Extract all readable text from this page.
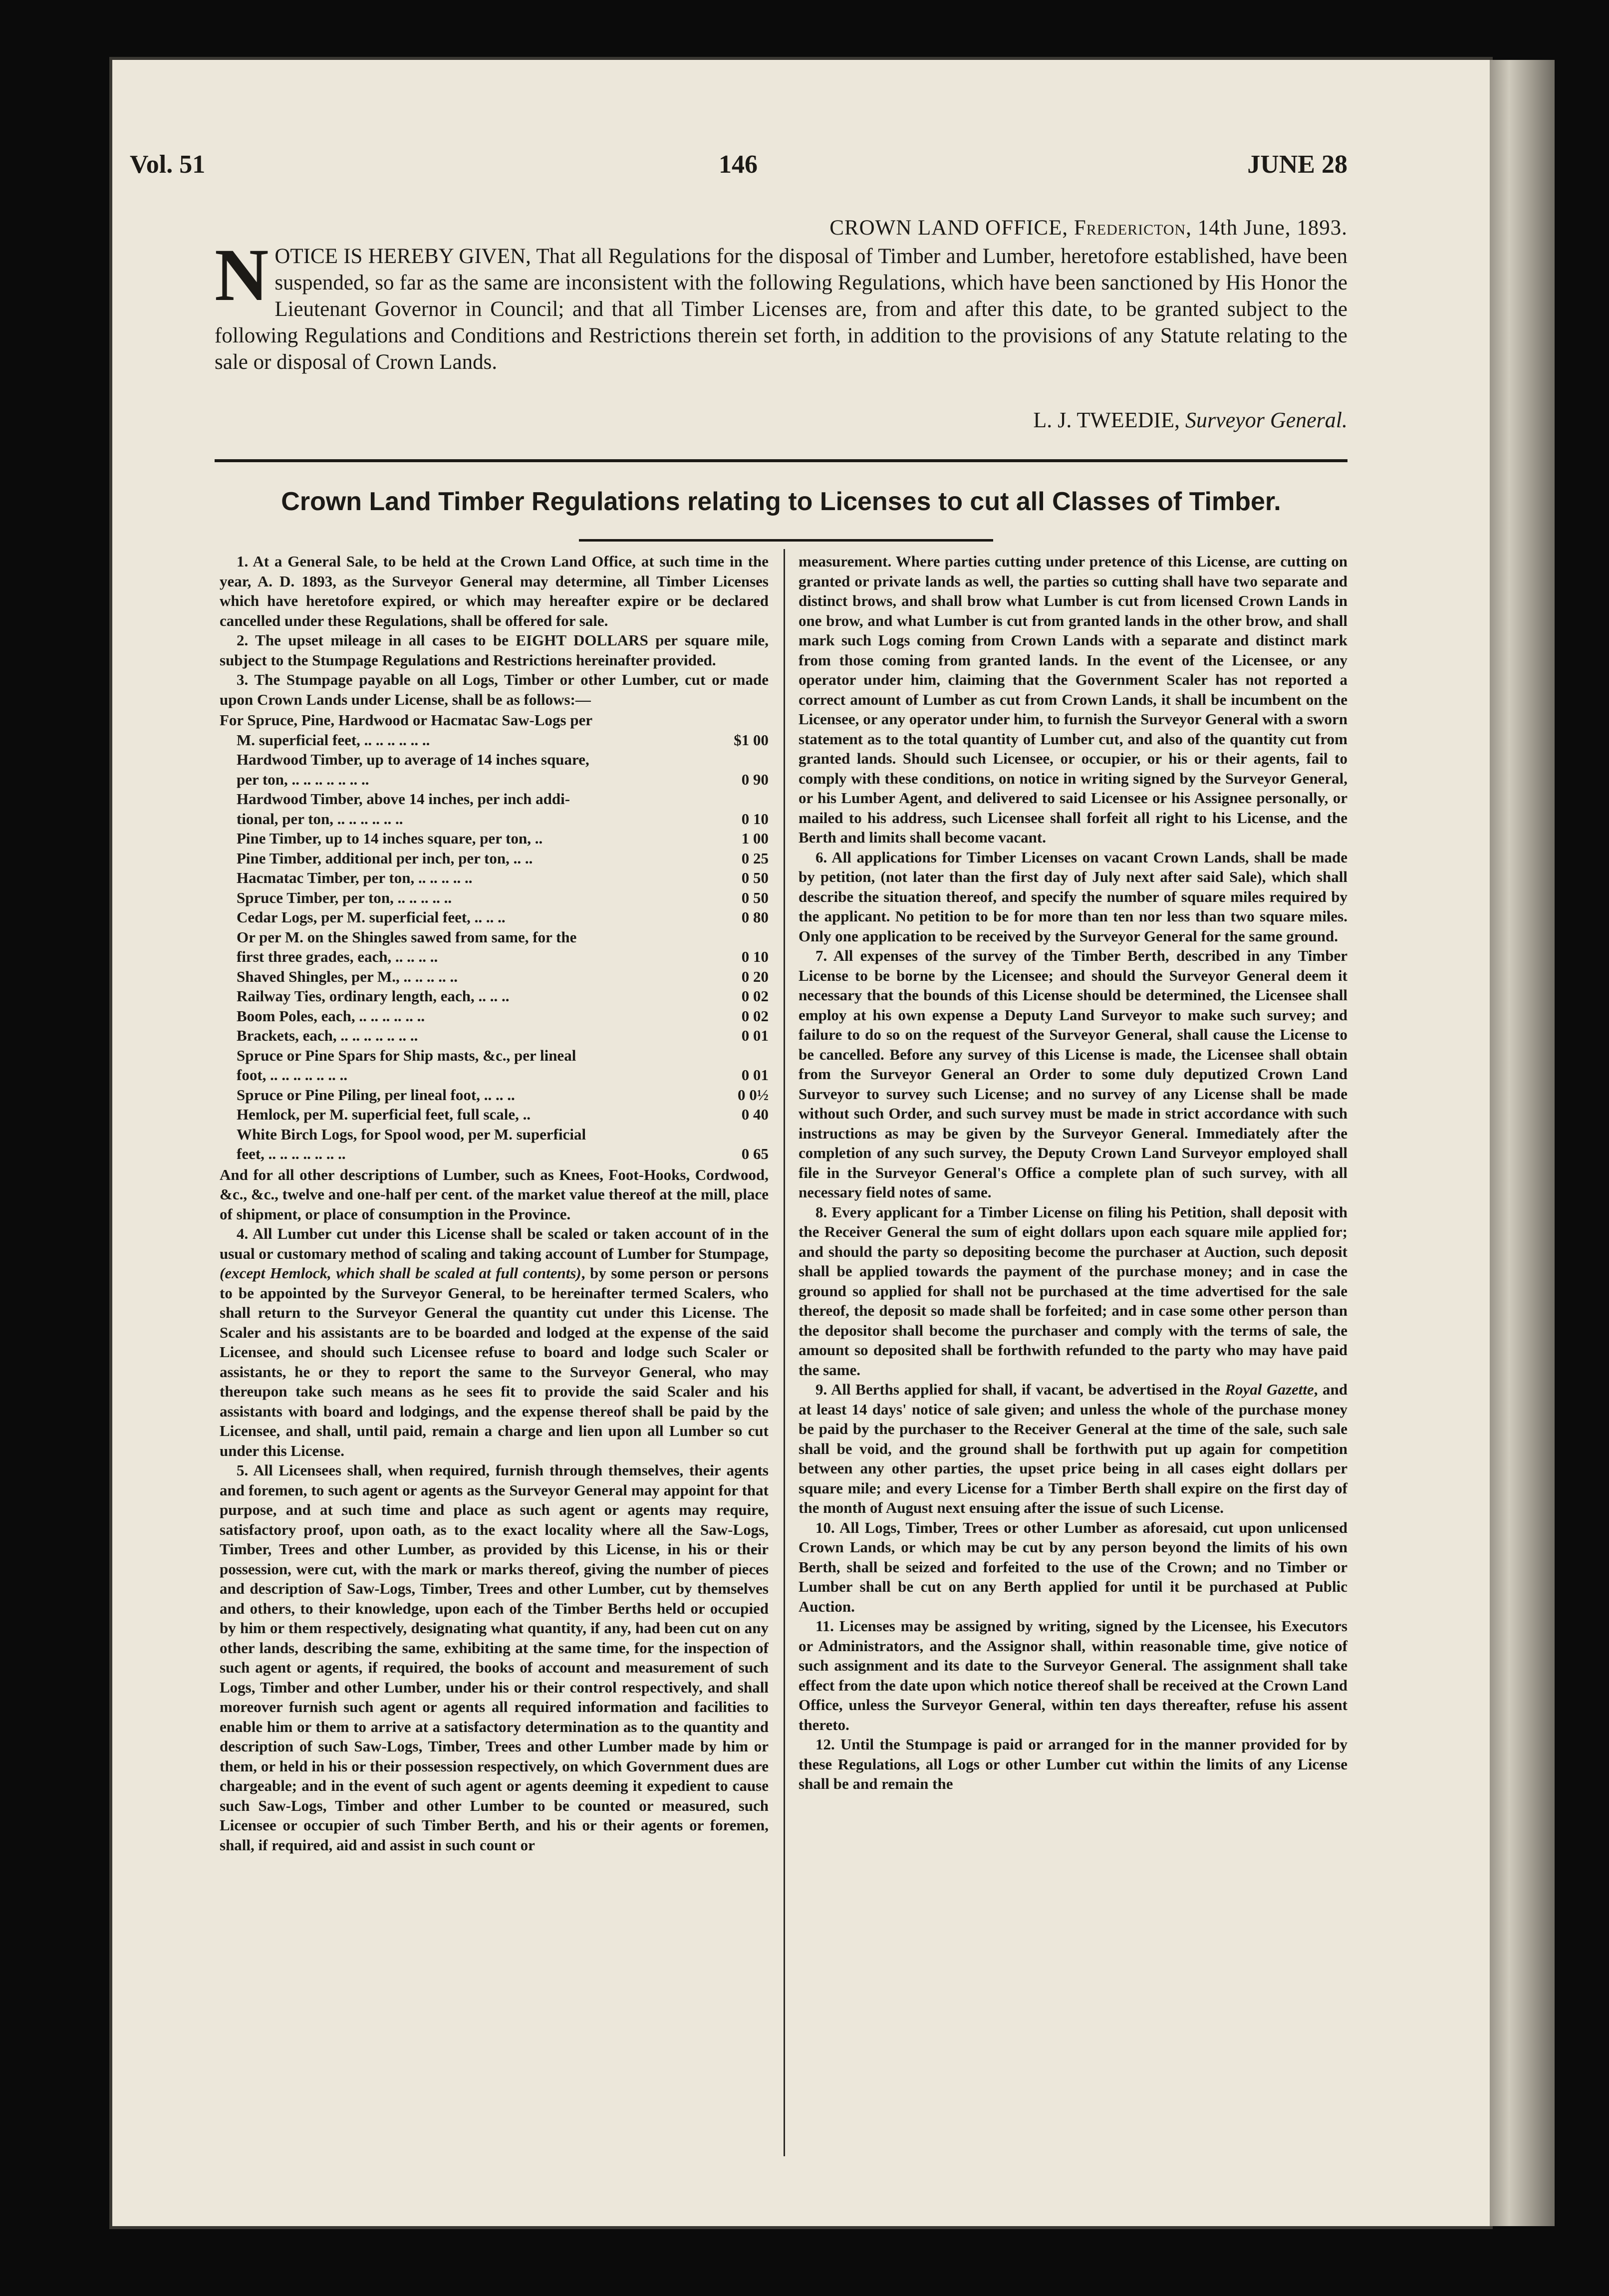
Vol. 51	146	JUNE 28
CROWN LAND OFFICE, Fredericton, 14th June, 1893.

NOTICE IS HEREBY GIVEN, That all Regulations for the disposal of Timber and Lumber, heretofore established, have been suspended, so far as the same are inconsistent with the following Regulations, which have been sanctioned by His Honor the Lieutenant Governor in Council; and that all Timber Licenses are, from and after this date, to be granted subject to the following Regulations and Conditions and Restrictions therein set forth, in addition to the provisions of any Statute relating to the sale or disposal of Crown Lands.

L. J. TWEEDIE, Surveyor General.
Crown Land Timber Regulations relating to Licenses to cut all Classes of Timber.

1. At a General Sale, to be held at the Crown Land Office, at such time in the year, A. D. 1893, as the Surveyor General may determine, all Timber Licenses which have heretofore expired, or which may hereafter expire or be declared cancelled under these Regulations, shall be offered for sale.

2. The upset mileage in all cases to be EIGHT DOLLARS per square mile, subject to the Stumpage Regulations and Restrictions hereinafter provided.

3. The Stumpage payable on all Logs, Timber or other Lumber, cut or made upon Crown Lands under License, shall be as follows:—

For Spruce, Pine, Hardwood or Hacmatac Saw-Logs per
M. superficial feet, .. .. .. .. .. ..	$1 00
Hardwood Timber, up to average of 14 inches square,
per ton, .. .. .. .. .. .. ..	0 90
Hardwood Timber, above 14 inches, per inch addi-
tional, per ton, .. .. .. .. .. ..	0 10
Pine Timber, up to 14 inches square, per ton, ..	1 00
Pine Timber, additional per inch, per ton, .. ..	0 25
Hacmatac Timber, per ton, .. .. .. .. ..	0 50
Spruce Timber, per ton, .. .. .. .. ..	0 50
Cedar Logs, per M. superficial feet, .. .. ..	0 80
Or per M. on the Shingles sawed from same, for the
first three grades, each, .. .. .. ..	0 10
Shaved Shingles, per M., .. .. .. .. ..	0 20
Railway Ties, ordinary length, each, .. .. ..	0 02
Boom Poles, each, .. .. .. .. .. ..	0 02
Brackets, each, .. .. .. .. .. .. ..	0 01
Spruce or Pine Spars for Ship masts, &c., per lineal
foot, .. .. .. .. .. .. ..	0 01
Spruce or Pine Piling, per lineal foot, .. .. ..	0 0½
Hemlock, per M. superficial feet, full scale, ..	0 40
White Birch Logs, for Spool wood, per M. superficial
feet, .. .. .. .. .. .. ..	0 65

And for all other descriptions of Lumber, such as Knees, Foot-Hooks, Cordwood, &c., &c., twelve and one-half per cent. of the market value thereof at the mill, place of shipment, or place of consumption in the Province.

4. All Lumber cut under this License shall be scaled or taken account of in the usual or customary method of scaling and taking account of Lumber for Stumpage, (except Hemlock, which shall be scaled at full contents), by some person or persons to be appointed by the Surveyor General, to be hereinafter termed Scalers, who shall return to the Surveyor General the quantity cut under this License. The Scaler and his assistants are to be boarded and lodged at the expense of the said Licensee, and should such Licensee refuse to board and lodge such Scaler or assistants, he or they to report the same to the Surveyor General, who may thereupon take such means as he sees fit to provide the said Scaler and his assistants with board and lodgings, and the expense thereof shall be paid by the Licensee, and shall, until paid, remain a charge and lien upon all Lumber so cut under this License.

5. All Licensees shall, when required, furnish through themselves, their agents and foremen, to such agent or agents as the Surveyor General may appoint for that purpose, and at such time and place as such agent or agents may require, satisfactory proof, upon oath, as to the exact locality where all the Saw-Logs, Timber, Trees and other Lumber, as provided by this License, in his or their possession, were cut, with the mark or marks thereof, giving the number of pieces and description of Saw-Logs, Timber, Trees and other Lumber, cut by themselves and others, to their knowledge, upon each of the Timber Berths held or occupied by him or them respectively, designating what quantity, if any, had been cut on any other lands, describing the same, exhibiting at the same time, for the inspection of such agent or agents, if required, the books of account and measurement of such Logs, Timber and other Lumber, under his or their control respectively, and shall moreover furnish such agent or agents all required information and facilities to enable him or them to arrive at a satisfactory determination as to the quantity and description of such Saw-Logs, Timber, Trees and other Lumber made by him or them, or held in his or their possession respectively, on which Government dues are chargeable; and in the event of such agent or agents deeming it expedient to cause such Saw-Logs, Timber and other Lumber to be counted or measured, such Licensee or occupier of such Timber Berth, and his or their agents or foremen, shall, if required, aid and assist in such count or

measurement. Where parties cutting under pretence of this License, are cutting on granted or private lands as well, the parties so cutting shall have two separate and distinct brows, and shall brow what Lumber is cut from licensed Crown Lands in one brow, and what Lumber is cut from granted lands in the other brow, and shall mark such Logs coming from Crown Lands with a separate and distinct mark from those coming from granted lands. In the event of the Licensee, or any operator under him, claiming that the Government Scaler has not reported a correct amount of Lumber as cut from Crown Lands, it shall be incumbent on the Licensee, or any operator under him, to furnish the Surveyor General with a sworn statement as to the total quantity of Lumber cut, and also of the quantity cut from granted lands. Should such Licensee, or occupier, or his or their agents, fail to comply with these conditions, on notice in writing signed by the Surveyor General, or his Lumber Agent, and delivered to said Licensee or his Assignee personally, or mailed to his address, such Licensee shall forfeit all right to his License, and the Berth and limits shall become vacant.

6. All applications for Timber Licenses on vacant Crown Lands, shall be made by petition, (not later than the first day of July next after said Sale), which shall describe the situation thereof, and specify the number of square miles required by the applicant. No petition to be for more than ten nor less than two square miles. Only one application to be received by the Surveyor General for the same ground.

7. All expenses of the survey of the Timber Berth, described in any Timber License to be borne by the Licensee; and should the Surveyor General deem it necessary that the bounds of this License should be determined, the Licensee shall employ at his own expense a Deputy Land Surveyor to make such survey; and failure to do so on the request of the Surveyor General, shall cause the License to be cancelled. Before any survey of this License is made, the Licensee shall obtain from the Surveyor General an Order to some duly deputized Crown Land Surveyor to survey such License; and no survey of any License shall be made without such Order, and such survey must be made in strict accordance with such instructions as may be given by the Surveyor General. Immediately after the completion of any such survey, the Deputy Crown Land Surveyor employed shall file in the Surveyor General's Office a complete plan of such survey, with all necessary field notes of same.

8. Every applicant for a Timber License on filing his Petition, shall deposit with the Receiver General the sum of eight dollars upon each square mile applied for; and should the party so depositing become the purchaser at Auction, such deposit shall be applied towards the payment of the purchase money; and in case the ground so applied for shall not be purchased at the time advertised for the sale thereof, the deposit so made shall be forfeited; and in case some other person than the depositor shall become the purchaser and comply with the terms of sale, the amount so deposited shall be forthwith refunded to the party who may have paid the same.

9. All Berths applied for shall, if vacant, be advertised in the Royal Gazette, and at least 14 days' notice of sale given; and unless the whole of the purchase money be paid by the purchaser to the Receiver General at the time of the sale, such sale shall be void, and the ground shall be forthwith put up again for competition between any other parties, the upset price being in all cases eight dollars per square mile; and every License for a Timber Berth shall expire on the first day of the month of August next ensuing after the issue of such License.

10. All Logs, Timber, Trees or other Lumber as aforesaid, cut upon unlicensed Crown Lands, or which may be cut by any person beyond the limits of his own Berth, shall be seized and forfeited to the use of the Crown; and no Timber or Lumber shall be cut on any Berth applied for until it be purchased at Public Auction.

11. Licenses may be assigned by writing, signed by the Licensee, his Executors or Administrators, and the Assignor shall, within reasonable time, give notice of such assignment and its date to the Surveyor General. The assignment shall take effect from the date upon which notice thereof shall be received at the Crown Land Office, unless the Surveyor General, within ten days thereafter, refuse his assent thereto.

12. Until the Stumpage is paid or arranged for in the manner provided for by these Regulations, all Logs or other Lumber cut within the limits of any License shall be and remain the
